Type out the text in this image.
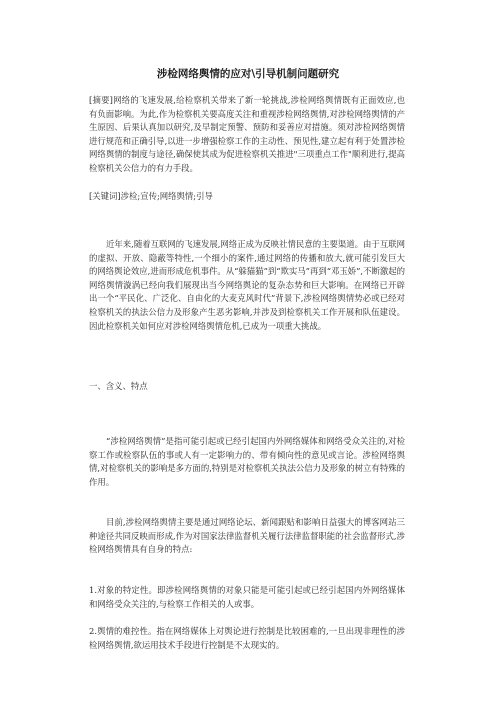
涉检网络舆情的应对\引导机制问题研究

[摘要]网络的飞速发展,给检察机关带来了新一轮挑战,涉检网络舆情既有正面效应,也有负面影响。为此,作为检察机关要高度关注和重视涉检网络舆情,对涉检网络舆情的产生原因、后果认真加以研究,及早制定预警、预防和妥善应对措施。须对涉检网络舆情进行规范和正确引导,以进一步增强检察工作的主动性、预见性,建立起有利于处置涉检网络舆情的制度与途径,确保使其成为促进检察机关推进"三项重点工作"顺利进行,提高检察机关公信力的有力手段。

[关键词]涉检;宣传;网络舆情;引导

近年来,随着互联网的飞速发展,网络正成为反映社情民意的主要渠道。由于互联网的虚拟、开放、隐蔽等特性,一个细小的案件,通过网络的传播和放大,就可能引发巨大的网络舆论效应,进而形成危机事件。从“躲猫猫”到“欺实马”再到“邓玉娇”,不断激起的网络舆情漩涡已经向我们展现出当今网络舆论的复杂态势和巨大影响。在网络已开辟出一个“平民化、广泛化、自由化的大麦克风时代”背景下,涉检网络舆情势必或已经对检察机关的执法公信力及形象产生恶劣影响,并涉及到检察机关工作开展和队伍建设。因此检察机关如何应对涉检网络舆情危机,已成为一项重大挑战。

一、含义、特点

“涉检网络舆情”是指可能引起或已经引起国内外网络媒体和网络受众关注的,对检察工作或检察队伍的事或人有一定影响力的、带有倾向性的意见或言论。涉检网络舆情,对检察机关的影响是多方面的,特别是对检察机关执法公信力及形象的树立有特殊的作用。

目前,涉检网络舆情主要是通过网络论坛、新闻跟贴和影响日益强大的博客网站三种途径共同反映而形成,作为对国家法律监督机关履行法律监督职能的社会监督形式,涉检网络舆情具有自身的特点:

1.对象的特定性。即涉检网络舆情的对象只能是可能引起或已经引起国内外网络媒体和网络受众关注的,与检察工作相关的人或事。

2.舆情的难控性。指在网络媒体上对舆论进行控制是比较困难的,一旦出现非理性的涉检网络舆情,欲运用技术手段进行控制是不太现实的。
